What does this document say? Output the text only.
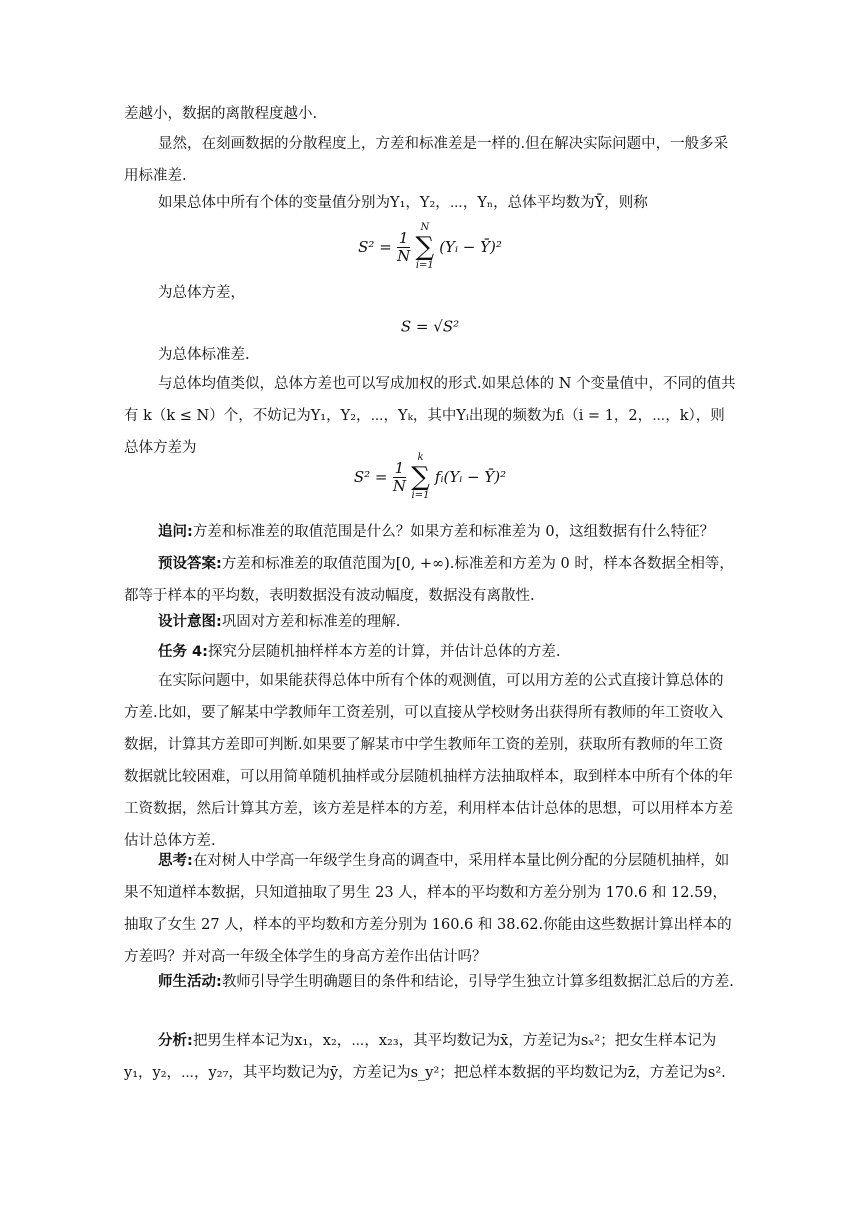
差越小，数据的离散程度越小.

显然，在刻画数据的分散程度上，方差和标准差是一样的.但在解决实际问题中，一般多采用标准差.

如果总体中所有个体的变量值分别为Y₁，Y₂，⋯，Yₙ，总体平均数为Ȳ，则称

$S^2 = \frac{1}{N}$

N
∑
i=1
(Yᵢ − Ȳ)²

为总体方差，

S = √S²

为总体标准差.

与总体均值类似，总体方差也可以写成加权的形式.如果总体的 N 个变量值中，不同的值共有 k（k ≤ N）个，不妨记为Y₁，Y₂，⋯，Yₖ，其中Yᵢ出现的频数为fᵢ（i = 1，2，⋯，k），则总体方差为

$S^2 = \frac{1}{N}$

k
∑
i=1
fᵢ(Yᵢ − Ȳ)²

追问:方差和标准差的取值范围是什么？如果方差和标准差为 0，这组数据有什么特征？

预设答案:方差和标准差的取值范围为[0, +∞).标准差和方差为 0 时，样本各数据全相等，都等于样本的平均数，表明数据没有波动幅度，数据没有离散性.

设计意图:巩固对方差和标准差的理解.

任务 4:探究分层随机抽样样本方差的计算，并估计总体的方差.

在实际问题中，如果能获得总体中所有个体的观测值，可以用方差的公式直接计算总体的方差.比如，要了解某中学教师年工资差别，可以直接从学校财务出获得所有教师的年工资收入数据，计算其方差即可判断.如果要了解某市中学生教师年工资的差别，获取所有教师的年工资数据就比较困难，可以用简单随机抽样或分层随机抽样方法抽取样本，取到样本中所有个体的年工资数据，然后计算其方差，该方差是样本的方差，利用样本估计总体的思想，可以用样本方差估计总体方差.

思考:在对树人中学高一年级学生身高的调查中，采用样本量比例分配的分层随机抽样，如果不知道样本数据，只知道抽取了男生 23 人，样本的平均数和方差分别为 170.6 和 12.59，抽取了女生 27 人，样本的平均数和方差分别为 160.6 和 38.62.你能由这些数据计算出样本的方差吗？并对高一年级全体学生的身高方差作出估计吗？

师生活动:教师引导学生明确题目的条件和结论，引导学生独立计算多组数据汇总后的方差.

分析:把男生样本记为x₁，x₂，⋯，x₂₃，其平均数记为x̄，方差记为sₓ²；把女生样本记为y₁，y₂，⋯，y₂₇，其平均数记为ȳ，方差记为s_y²；把总样本数据的平均数记为z̄，方差记为s².
